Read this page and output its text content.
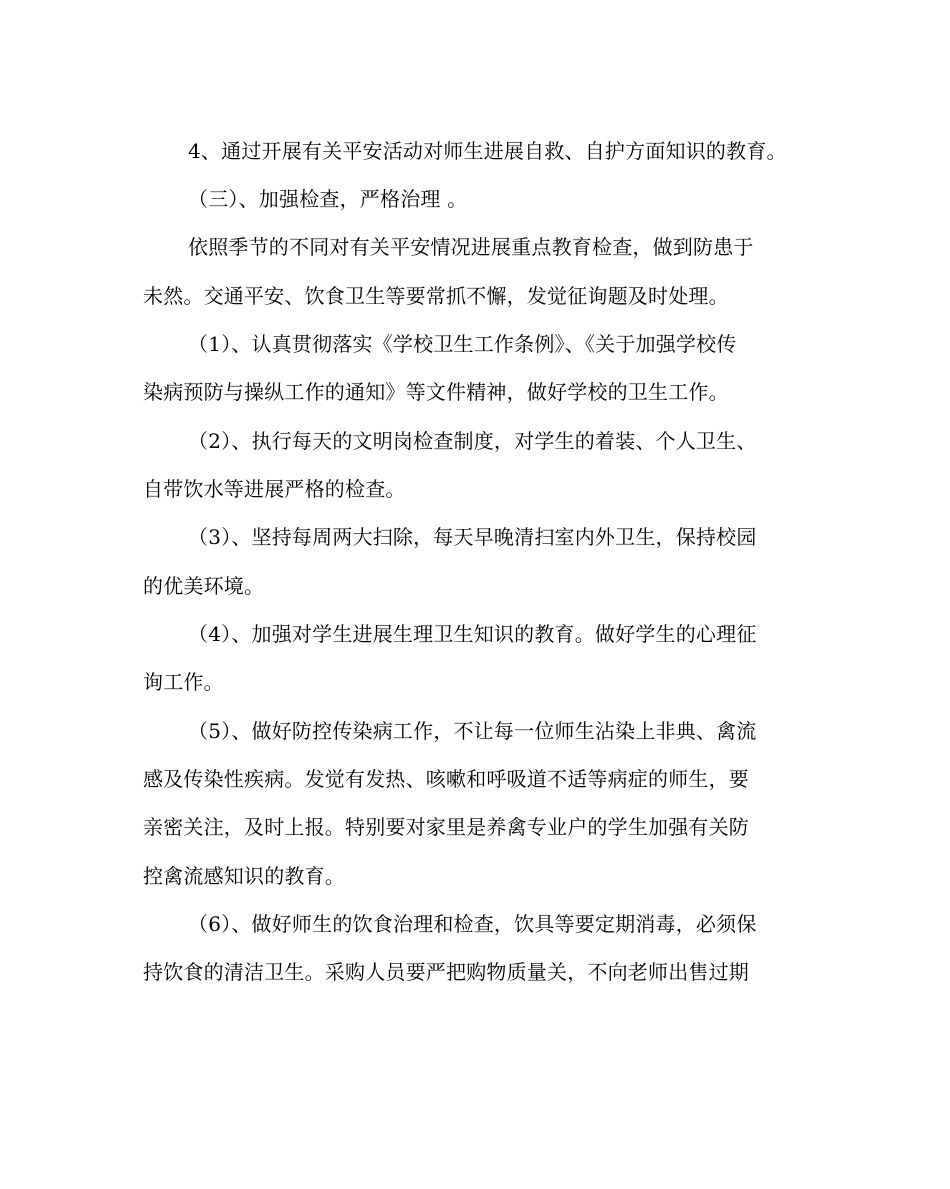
4、通过开展有关平安活动对师生进展自救、自护方面知识的教育。
（三）、加强检查，严格治理 。
依照季节的不同对有关平安情况进展重点教育检查，做到防患于
未然。交通平安、饮食卫生等要常抓不懈，发觉征询题及时处理。
（1）、认真贯彻落实《学校卫生工作条例》、《关于加强学校传
染病预防与操纵工作的通知》等文件精神，做好学校的卫生工作。
（2）、执行每天的文明岗检查制度，对学生的着装、个人卫生、
自带饮水等进展严格的检查。
（3）、坚持每周两大扫除，每天早晚清扫室内外卫生，保持校园
的优美环境。
（4）、加强对学生进展生理卫生知识的教育。做好学生的心理征
询工作。
（5）、做好防控传染病工作，不让每一位师生沾染上非典、禽流
感及传染性疾病。发觉有发热、咳嗽和呼吸道不适等病症的师生，要
亲密关注，及时上报。特别要对家里是养禽专业户的学生加强有关防
控禽流感知识的教育。
（6）、做好师生的饮食治理和检查，饮具等要定期消毒，必须保
持饮食的清洁卫生。采购人员要严把购物质量关，不向老师出售过期
